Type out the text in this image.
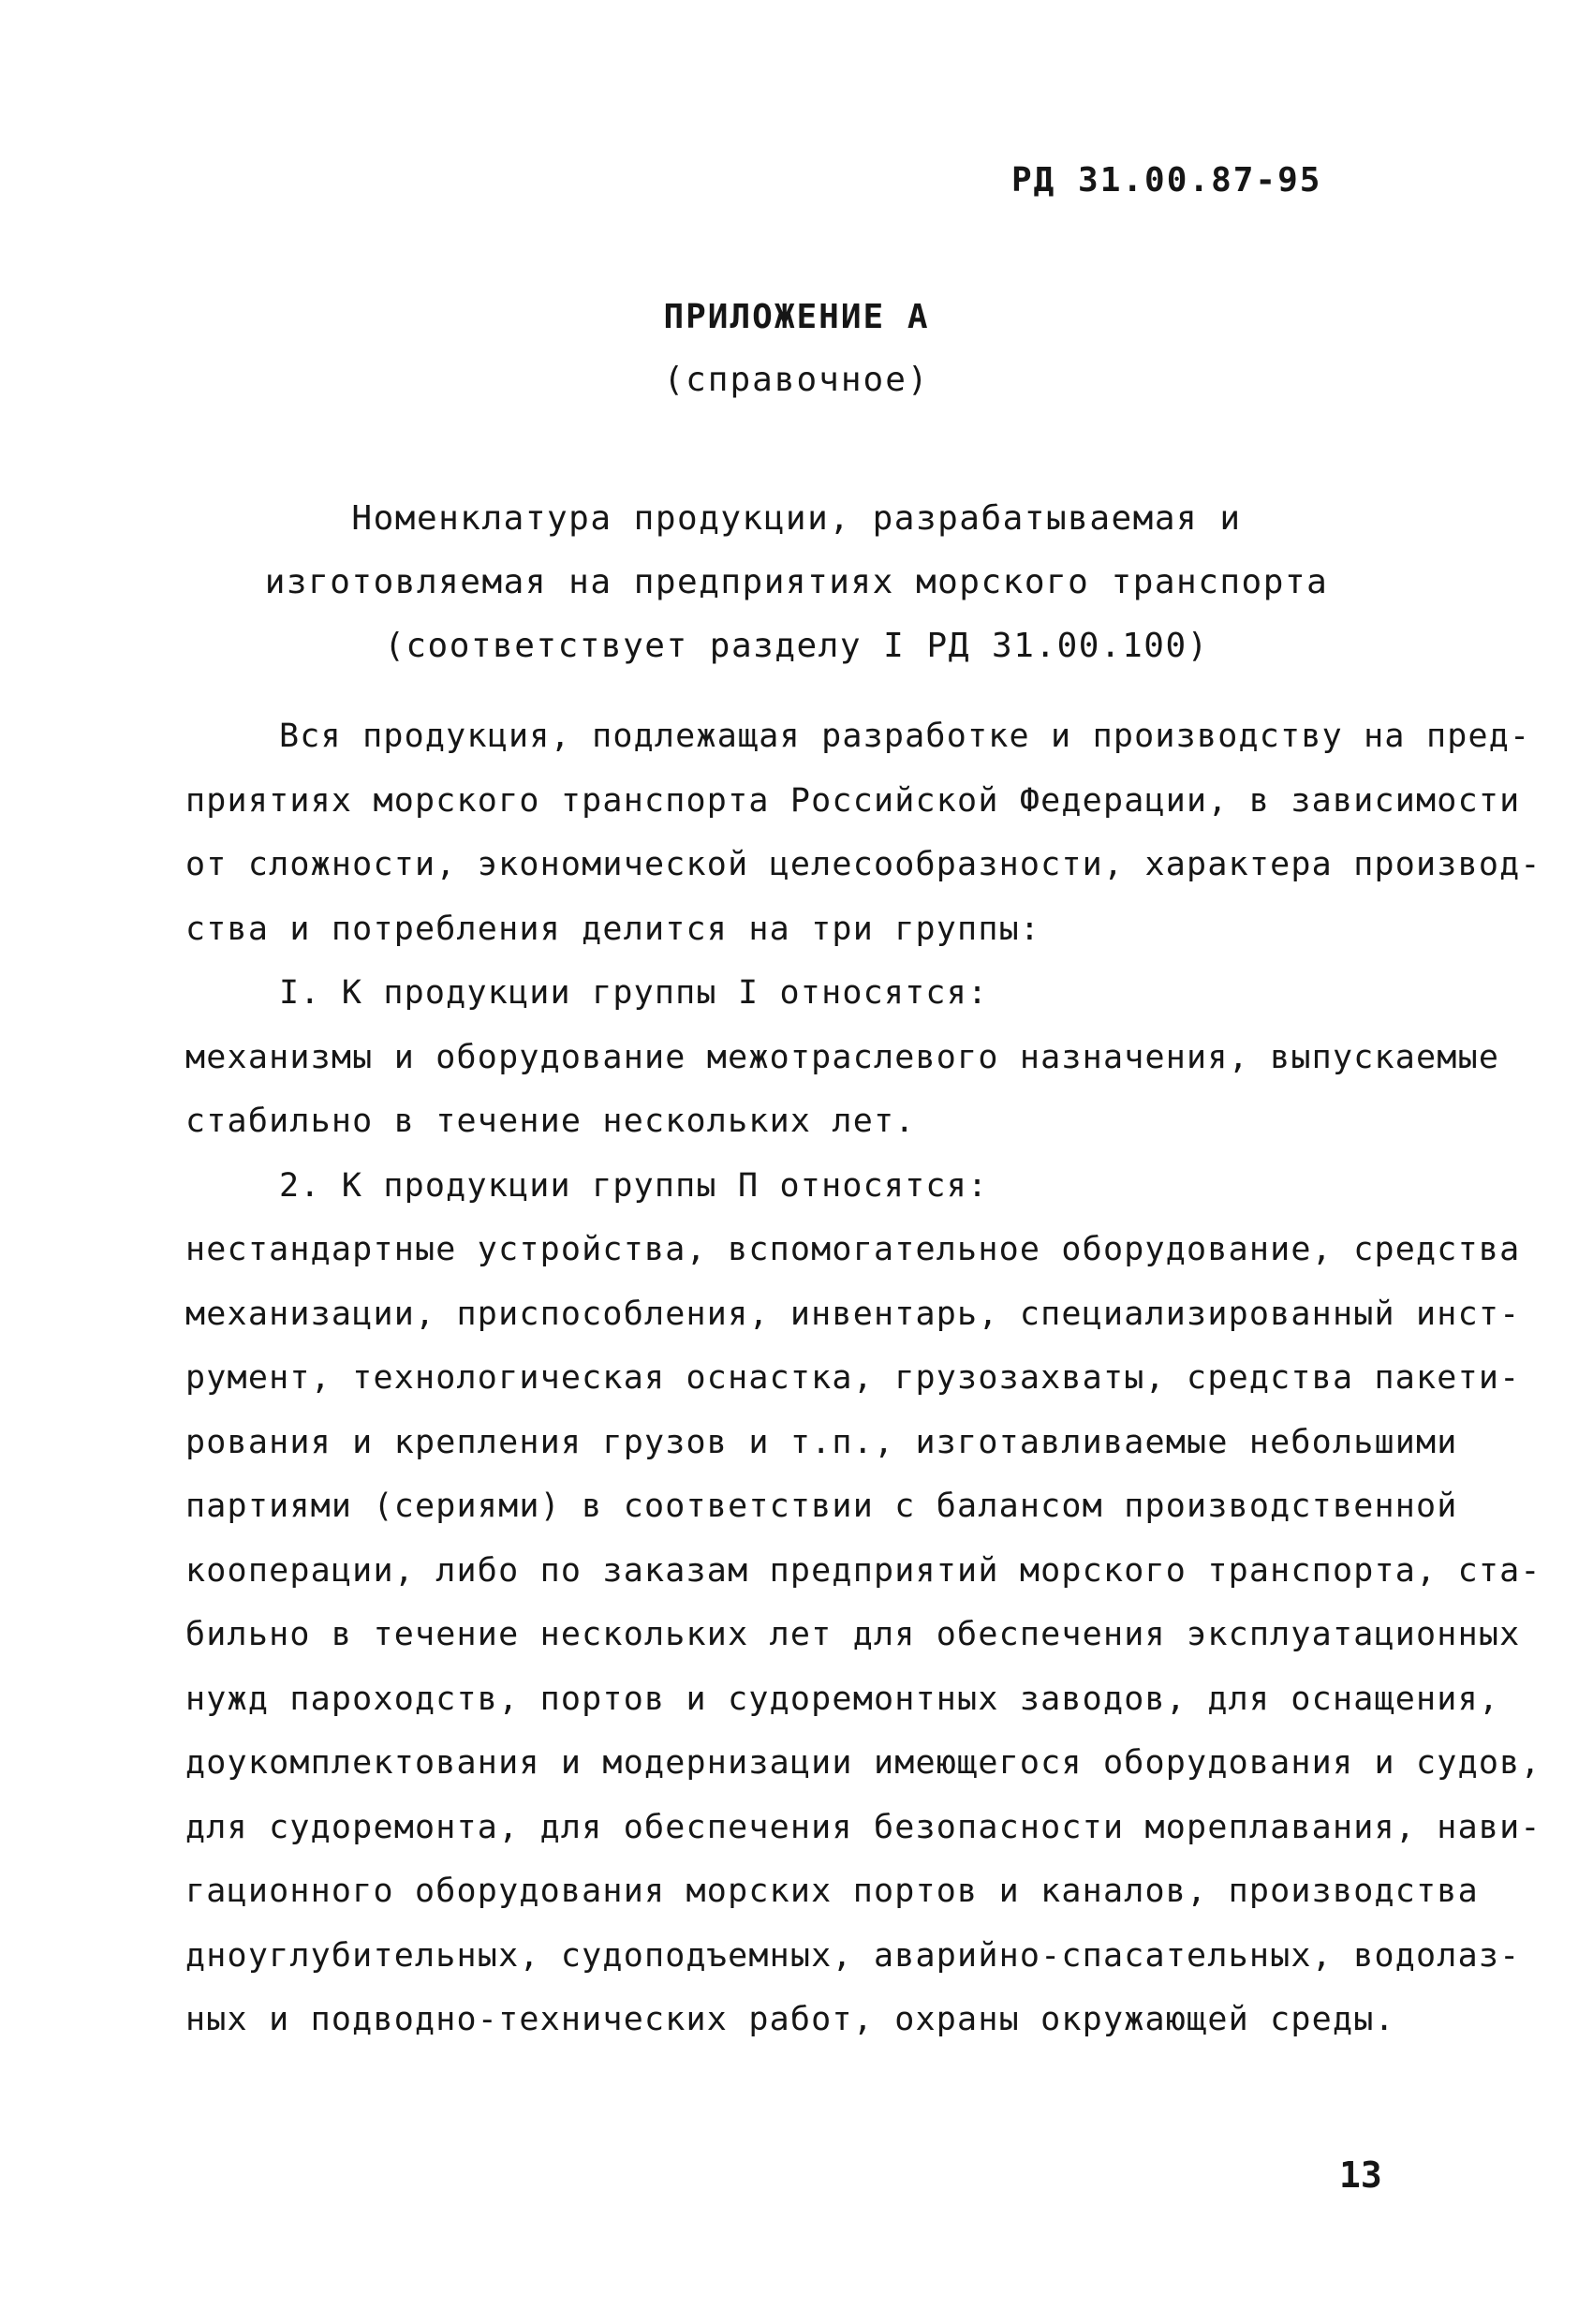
РД 31.00.87-95
ПРИЛОЖЕНИЕ А
(справочное)
Номенклатура продукции, разрабатываемая и
изготовляемая на предприятиях морского транспорта
(соответствует разделу I РД 31.00.100)
Вся продукция, подлежащая разработке и производству на пред-
приятиях морского транспорта Российской Федерации, в зависимости
от сложности, экономической целесообразности, характера производ-
ства и потребления делится на три группы:
I. К продукции группы I относятся:
механизмы и оборудование межотраслевого назначения, выпускаемые
стабильно в течение нескольких лет.
2. К продукции группы П относятся:
нестандартные устройства, вспомогательное оборудование, средства
механизации, приспособления, инвентарь, специализированный инст-
румент, технологическая оснастка, грузозахваты, средства пакети-
рования и крепления грузов и т.п., изготавливаемые небольшими
партиями (сериями) в соответствии с балансом производственной
кооперации, либо по заказам предприятий морского транспорта, ста-
бильно в течение нескольких лет для обеспечения эксплуатационных
нужд пароходств, портов и судоремонтных заводов, для оснащения,
доукомплектования и модернизации имеющегося оборудования и судов,
для судоремонта, для обеспечения безопасности мореплавания, нави-
гационного оборудования морских портов и каналов, производства
дноуглубительных, судоподъемных, аварийно-спасательных, водолаз-
ных и подводно-технических работ, охраны окружающей среды.
13
